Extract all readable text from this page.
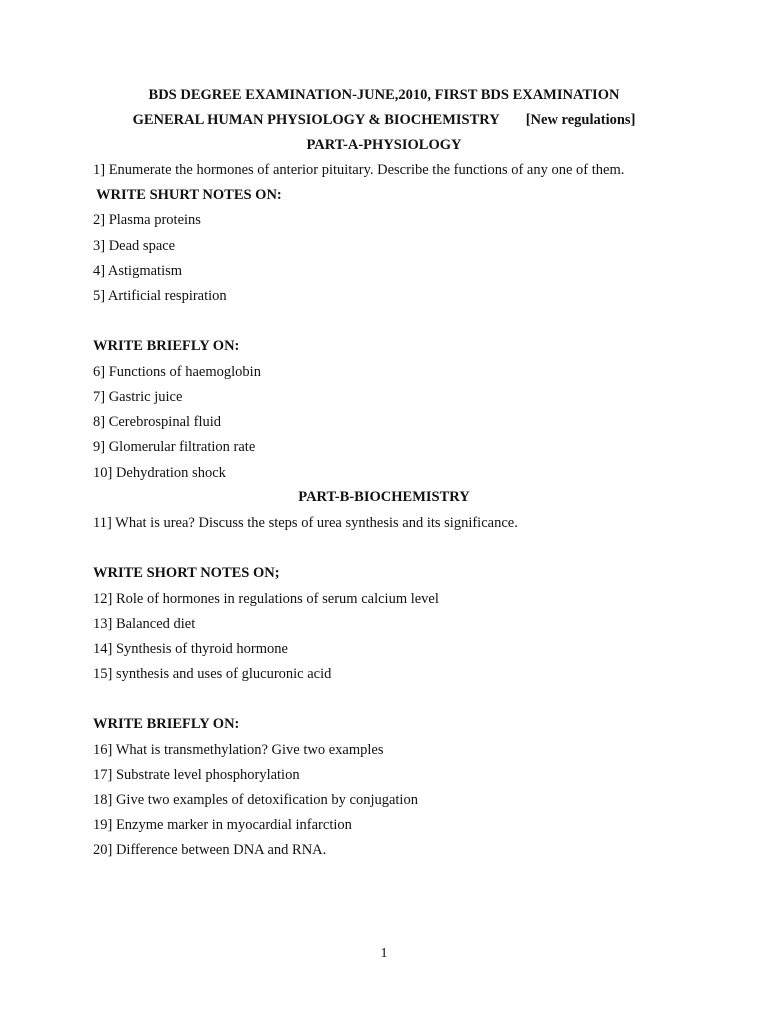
BDS DEGREE EXAMINATION-JUNE,2010, FIRST BDS EXAMINATION
GENERAL HUMAN PHYSIOLOGY & BIOCHEMISTRY [New regulations]
PART-A-PHYSIOLOGY
1] Enumerate the hormones of anterior pituitary. Describe the functions of any one of them.
WRITE SHURT NOTES ON:
2] Plasma proteins
3] Dead space
4] Astigmatism
5] Artificial respiration
WRITE BRIEFLY ON:
6] Functions of haemoglobin
7] Gastric juice
8] Cerebrospinal fluid
9] Glomerular filtration rate
10] Dehydration shock
PART-B-BIOCHEMISTRY
11] What is urea? Discuss the steps of urea synthesis and its significance.
WRITE SHORT NOTES ON;
12] Role of hormones in regulations of serum calcium level
13] Balanced diet
14] Synthesis of thyroid hormone
15] synthesis and uses of glucuronic acid
WRITE BRIEFLY ON:
16] What is transmethylation? Give two examples
17] Substrate level phosphorylation
18] Give two examples of detoxification by conjugation
19] Enzyme marker in myocardial infarction
20] Difference between DNA and RNA.
1
